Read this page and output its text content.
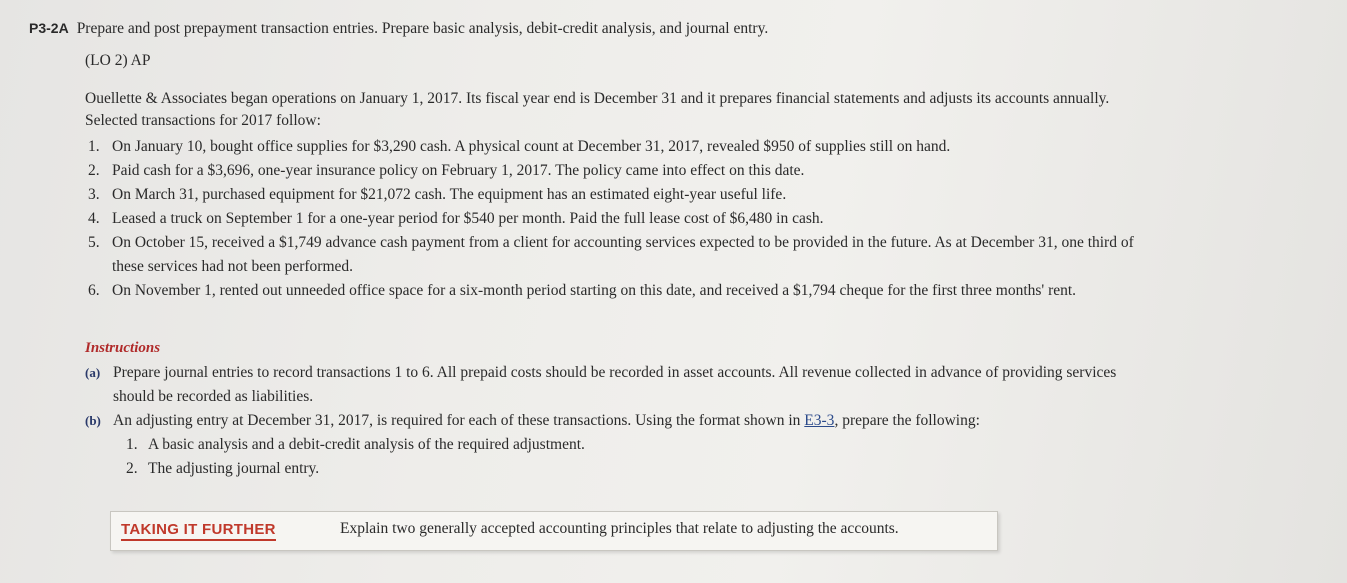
P3-2A Prepare and post prepayment transaction entries. Prepare basic analysis, debit-credit analysis, and journal entry.
(LO 2) AP
Ouellette & Associates began operations on January 1, 2017. Its fiscal year end is December 31 and it prepares financial statements and adjusts its accounts annually.
Selected transactions for 2017 follow:
1. On January 10, bought office supplies for $3,290 cash. A physical count at December 31, 2017, revealed $950 of supplies still on hand.
2. Paid cash for a $3,696, one-year insurance policy on February 1, 2017. The policy came into effect on this date.
3. On March 31, purchased equipment for $21,072 cash. The equipment has an estimated eight-year useful life.
4. Leased a truck on September 1 for a one-year period for $540 per month. Paid the full lease cost of $6,480 in cash.
5. On October 15, received a $1,749 advance cash payment from a client for accounting services expected to be provided in the future. As at December 31, one third of
these services had not been performed.
6. On November 1, rented out unneeded office space for a six-month period starting on this date, and received a $1,794 cheque for the first three months' rent.
Instructions
(a) Prepare journal entries to record transactions 1 to 6. All prepaid costs should be recorded in asset accounts. All revenue collected in advance of providing services
should be recorded as liabilities.
(b) An adjusting entry at December 31, 2017, is required for each of these transactions. Using the format shown in E3-3, prepare the following:
1. A basic analysis and a debit-credit analysis of the required adjustment.
2. The adjusting journal entry.
TAKING IT FURTHER	Explain two generally accepted accounting principles that relate to adjusting the accounts.
